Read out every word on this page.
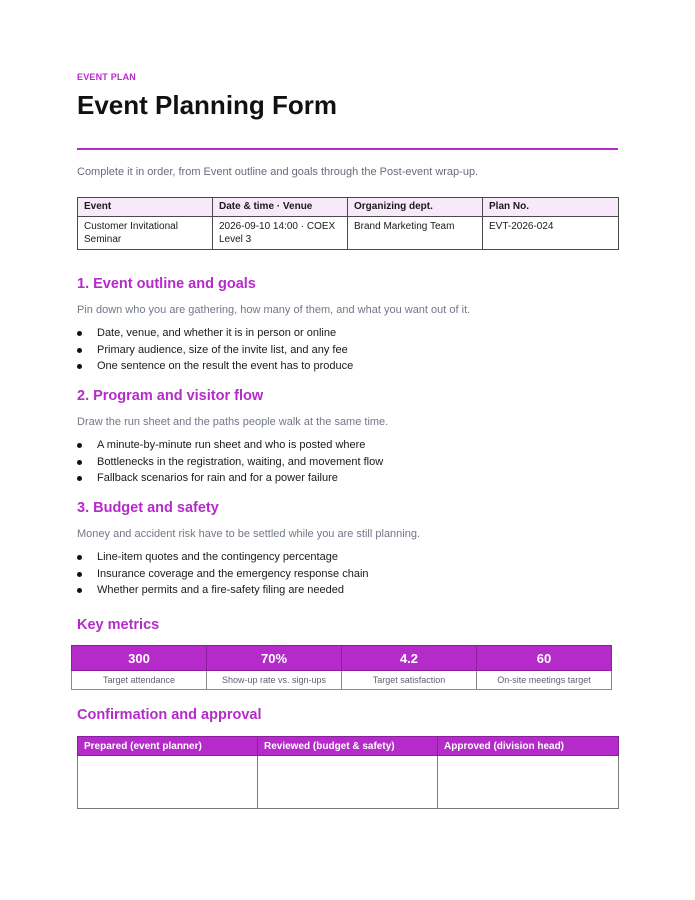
EVENT PLAN
Event Planning Form
Complete it in order, from Event outline and goals through the Post-event wrap-up.
Event	Date & time · Venue	Organizing dept.	Plan No.
Customer Invitational Seminar	2026-09-10 14:00 · COEX Level 3	Brand Marketing Team	EVT-2026-024
1. Event outline and goals
Pin down who you are gathering, how many of them, and what you want out of it.
Date, venue, and whether it is in person or online
Primary audience, size of the invite list, and any fee
One sentence on the result the event has to produce
2. Program and visitor flow
Draw the run sheet and the paths people walk at the same time.
A minute-by-minute run sheet and who is posted where
Bottlenecks in the registration, waiting, and movement flow
Fallback scenarios for rain and for a power failure
3. Budget and safety
Money and accident risk have to be settled while you are still planning.
Line-item quotes and the contingency percentage
Insurance coverage and the emergency response chain
Whether permits and a fire-safety filing are needed
Key metrics
300	70%	4.2	60
Target attendance	Show-up rate vs. sign-ups	Target satisfaction	On-site meetings target
Confirmation and approval
Prepared (event planner)	Reviewed (budget & safety)	Approved (division head)
